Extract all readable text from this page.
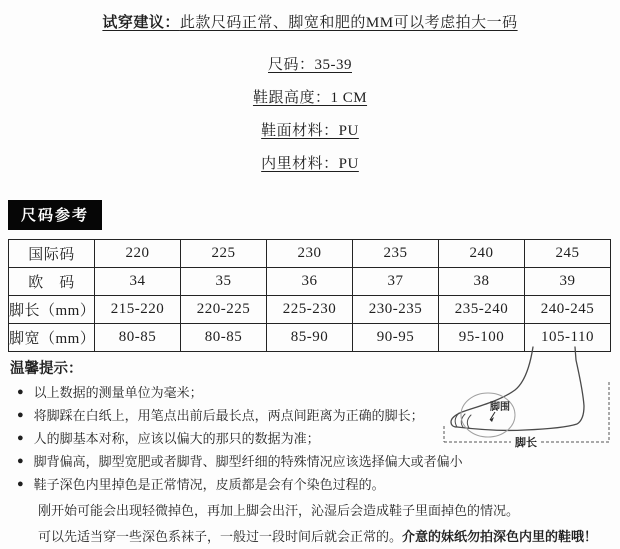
试穿建议：此款尺码正常、脚宽和肥的MM可以考虑拍大一码
尺码：35-39
鞋跟高度：1 CM
鞋面材料：PU
内里材料：PU
尺码参考
国际码	220	225	230	235	240	245
欧　码	34	35	36	37	38	39
脚长（mm）	215-220	220-225	225-230	230-235	235-240	240-245
脚宽（mm）	80-85	80-85	85-90	90-95	95-100	105-110
温馨提示：
● 以上数据的测量单位为毫米；
● 将脚踩在白纸上，用笔点出前后最长点，两点间距离为正确的脚长；
● 人的脚基本对称，应该以偏大的那只的数据为准；
● 脚背偏高，脚型宽肥或者脚背、脚型纤细的特殊情况应该选择偏大或者偏小
● 鞋子深色内里掉色是正常情况，皮质都是会有个染色过程的。
刚开始可能会出现轻微掉色，再加上脚会出汗，沁湿后会造成鞋子里面掉色的情况。
可以先适当穿一些深色系袜子，一般过一段时间后就会正常的。介意的妹纸勿拍深色内里的鞋哦！
脚围
脚长
